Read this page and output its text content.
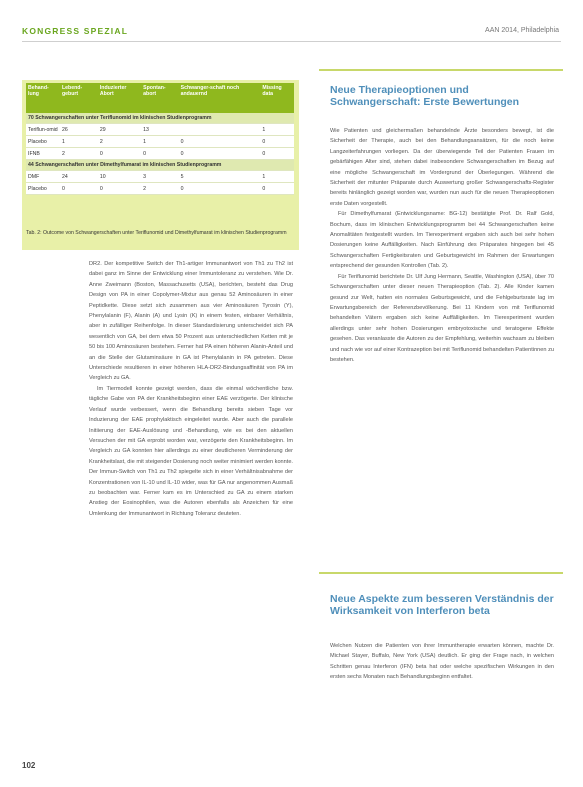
KONGRESS SPEZIAL	AAN 2014, Philadelphia
Behand-lung	Lebend-geburt	Induzierter Abort	Spontan-abort	Schwanger-schaft noch andauernd	Missing data
70 Schwangerschaften unter Teriflunomid im klinischen Studienprogramm					
Teriflun-omid	26	29	13		1
Placebo	1	2	1	0	0
IFNB	2	0	0	0	0
44 Schwangerschaften unter Dimethylfumarat im klinischen Studienprogramm					
DMF	24	10	3	5	1
Placebo	0	0	2	0	0
Tab. 2: Outcome von Schwangerschaften unter Teriflunomid und Dimethylfumarat im klinischen Studienprogramm

DR2. Der kompetitive Switch der Th1-artiger Immunantwort von Th1 zu Th2 ist dabei ganz im Sinne der Entwicklung einer Immuntoleranz zu verstehen. Wie Dr. Anne Zweimann (Boston, Massachusetts (USA), berichten, besteht das Drug Design von PA in einer Copolymer-Mixtur aus genau 52 Aminosäuren in einer Peptidkette. Diese setzt sich zusammen aus vier Aminosäuren Tyrosin (Y), Phenylalanin (F), Alanin (A) und Lysin (K) in einem festen, einbarer Verhältnis, aber in zufälliger Reihenfolge. In dieser Standardisierung unterscheidet sich PA wesentlich von GA, bei dem etwa 50 Prozent aus unterschiedlichen Ketten mit je 50 bis 100 Aminosäuren bestehen. Ferner hat PA einen höheren Alanin-Anteil und an die Stelle der Glutaminsäure in GA ist Phenylalanin in PA getreten. Diese Unterschiede resultieren in einer höheren HLA-DR2-Bindungsaffinität von PA im Vergleich zu GA.

Im Tiermodell konnte gezeigt werden, dass die einmal wöchentliche bzw. tägliche Gabe von PA der Krankheitsbeginn einer EAE verzögerte. Der klinische Verlauf wurde verbessert, wenn die Behandlung bereits sieben Tage vor Induzierung der EAE prophylaktisch eingeleitet wurde. Aber auch die parallele Initiierung der EAE-Auslösung und -Behandlung, wie es bei den aktuellen Versuchen der mit GA erprobt worden war, verzögerte den Krankheitsbeginn. Im Vergleich zu GA konnten hier allerdings zu einer deutlicheren Verminderung der Krankheitslast, die mit steigender Dosierung noch weiter minimiert werden konnte. Der Immun-Switch von Th1 zu Th2 spiegelte sich in einer Verhältnisabnahme der Konzentrationen von IL-10 und IL-10 wider, was für GA nur angenommen Ausmaß zu beobachten war. Ferner kam es im Unterschied zu GA zu einem starken Anstieg der Eosinophilen, was die Autoren ebenfalls als Anzeichen für eine Umlenkung der Immunantwort in Richtung Toleranz deuteten.

Neue Therapieoptionen und Schwangerschaft: Erste Bewertungen

Wie Patienten und gleichermaßen behandelnde Ärzte besonders bewegt, ist die Sicherheit der Therapie, auch bei den Behandlungsansätzen, für die noch keine Langzeiterfahrungen vorliegen. Da der überwiegende Teil der Patienten Frauen im gebärfähigen Alter sind, stehen dabei insbesondere Schwangerschaften im Bezug auf eine mögliche Schwangerschaft im Vordergrund der Überlegungen. Während die Sicherheit der mitunter Präparate durch Auswertung großer Schwangerschafts-Register bereits hinlänglich gezeigt worden war, wurden nun auch für die neuen Therapieoptionen erste Daten vorgestellt.

Für Dimethylfumarat (Entwicklungsname: BG-12) bestätigte Prof. Dr. Ralf Gold, Bochum, dass im klinischen Entwicklungsprogramm bei 44 Schwangerschaften keine Anomalitäten festgestellt wurden. Im Tierexperiment ergaben sich auch bei sehr hohen Dosierungen keine Auffälligkeiten. Nach Einführung des Präparates hingegen bei 45 Schwangerschaften Fertigkeitsraten und Geburtsgewicht im Rahmen der Erwartungen entsprechend der gesunden Kontrollen (Tab. 2).

Für Teriflunomid berichtete Dr. Ulf Jung Hermann, Seattle, Washington (USA), über 70 Schwangerschaften unter dieser neuen Therapieoption (Tab. 2). Alle Kinder kamen gesund zur Welt, hatten ein normales Geburtsgewicht, und die Fehlgeburtsrate lag im Erwartungsbereich der Referenzbevölkerung. Bei 11 Kindern von mit Teriflunomid behandelten Vätern ergaben sich keine Auffälligkeiten. Im Tierexperiment wurden allerdings unter sehr hohen Dosierungen embryotoxische und teratogene Effekte gesehen. Das veranlasste die Autoren zu der Empfehlung, weiterhin wachsam zu bleiben und nach wie vor auf einer Kontrazeption bei mit Teriflunomid behandelten Patientinnen zu bestehen.

Neue Aspekte zum besseren Verständnis der Wirksamkeit von Interferon beta

Welchen Nutzen die Patienten von ihrer Immuntherapie erwarten können, machte Dr. Michael Stayer, Buffalo, New York (USA) deutlich. Er ging der Frage nach, in welchen Schritten genau Interferon (IFN) beta hat oder welche spezifischen Wirkungen in den ersten sechs Monaten nach Behandlungsbeginn entfaltet.

102
